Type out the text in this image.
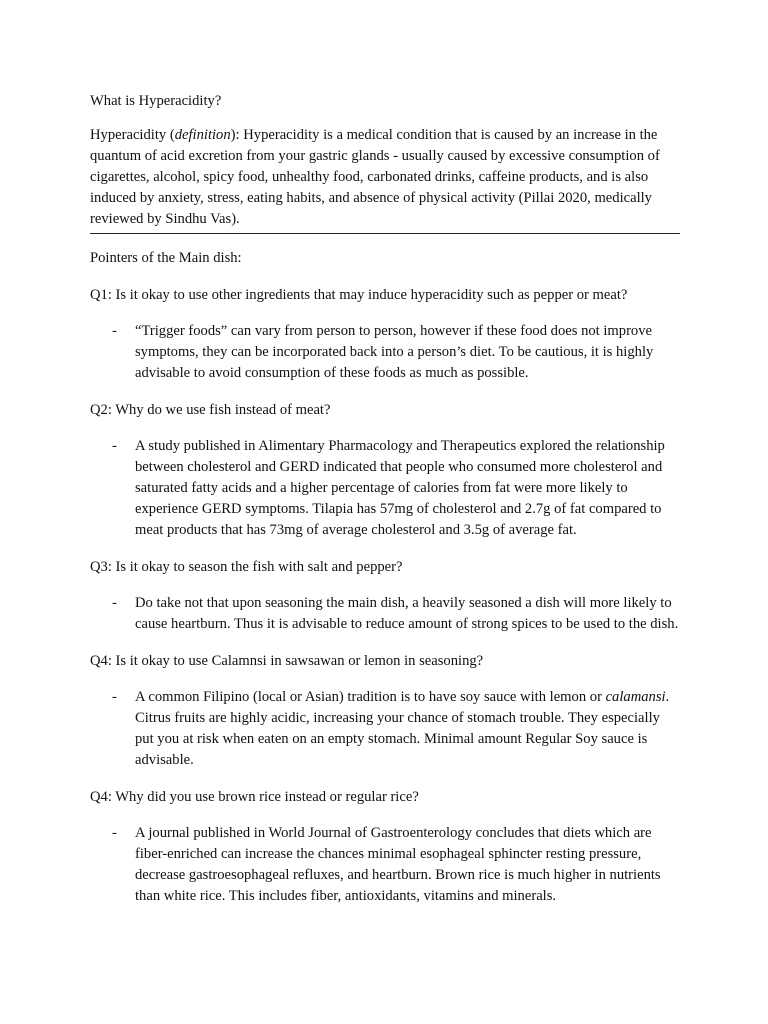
What is Hyperacidity?

Hyperacidity (definition): Hyperacidity is a medical condition that is caused by an increase in the quantum of acid excretion from your gastric glands - usually caused by excessive consumption of cigarettes, alcohol, spicy food, unhealthy food, carbonated drinks, caffeine products, and is also induced by anxiety, stress, eating habits, and absence of physical activity (Pillai 2020, medically reviewed by Sindhu Vas).

Pointers of the Main dish:

Q1: Is it okay to use other ingredients that may induce hyperacidity such as pepper or meat?

- “Trigger foods” can vary from person to person, however if these food does not improve symptoms, they can be incorporated back into a person’s diet. To be cautious, it is highly advisable to avoid consumption of these foods as much as possible.

Q2: Why do we use fish instead of meat?

- A study published in Alimentary Pharmacology and Therapeutics explored the relationship between cholesterol and GERD indicated that people who consumed more cholesterol and saturated fatty acids and a higher percentage of calories from fat were more likely to experience GERD symptoms. Tilapia has 57mg of cholesterol and 2.7g of fat compared to meat products that has 73mg of average cholesterol and 3.5g of average fat.

Q3: Is it okay to season the fish with salt and pepper?

- Do take not that upon seasoning the main dish, a heavily seasoned a dish will more likely to cause heartburn. Thus it is advisable to reduce amount of strong spices to be used to the dish.

Q4: Is it okay to use Calamnsi in sawsawan or lemon in seasoning?

- A common Filipino (local or Asian) tradition is to have soy sauce with lemon or calamansi. Citrus fruits are highly acidic, increasing your chance of stomach trouble. They especially put you at risk when eaten on an empty stomach. Minimal amount Regular Soy sauce is advisable.

Q4: Why did you use brown rice instead or regular rice?

- A journal published in World Journal of Gastroenterology concludes that diets which are fiber-enriched can increase the chances minimal esophageal sphincter resting pressure, decrease gastroesophageal refluxes, and heartburn. Brown rice is much higher in nutrients than white rice. This includes fiber, antioxidants, vitamins and minerals.
